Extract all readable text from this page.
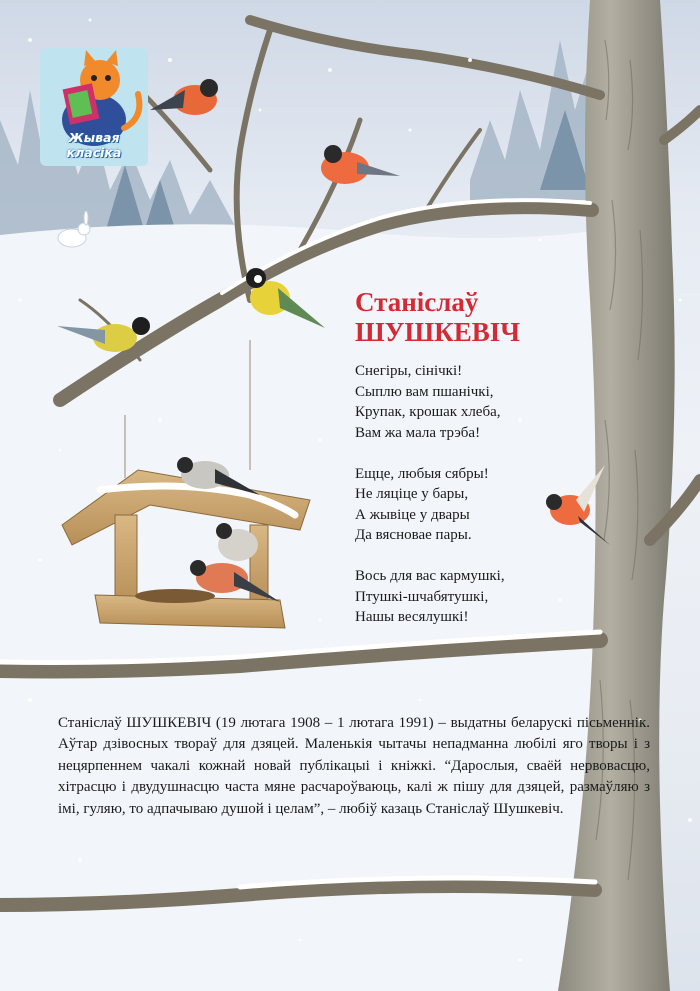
Жывая класіка
Станіслаў
ШУШКЕВІЧ
Снегіры, сінічкі!
Сыплю вам пшанічкі,
Крупак, крошак хлеба,
Вам жа мала трэба!
Ещце, любыя сябры!
Не ляціце у бары,
А жывіце у двары
Да вясновае пары.
Вось для вас кармушкі,
Птушкі-шчабятушкі,
Нашы весялушкі!

Станіслаў ШУШКЕВІЧ (19 лютага 1908 – 1 лютага 1991) – выдатны беларускі пісьменнік. Аўтар дзівосных твораў для дзяцей. Маленькія чытачы непадманна любілі яго творы і з нецярпеннем чакалі кожнай новай публікацыі і кніжкі. “Дарослыя, сваёй нервовасцю, хітрасцю і двудушнасцю часта мяне расчароўваюць, калі ж пішу для дзяцей, размаўляю з імі, гуляю, то адпачываю душой і целам”, – любіў казаць Станіслаў Шушкевіч.
